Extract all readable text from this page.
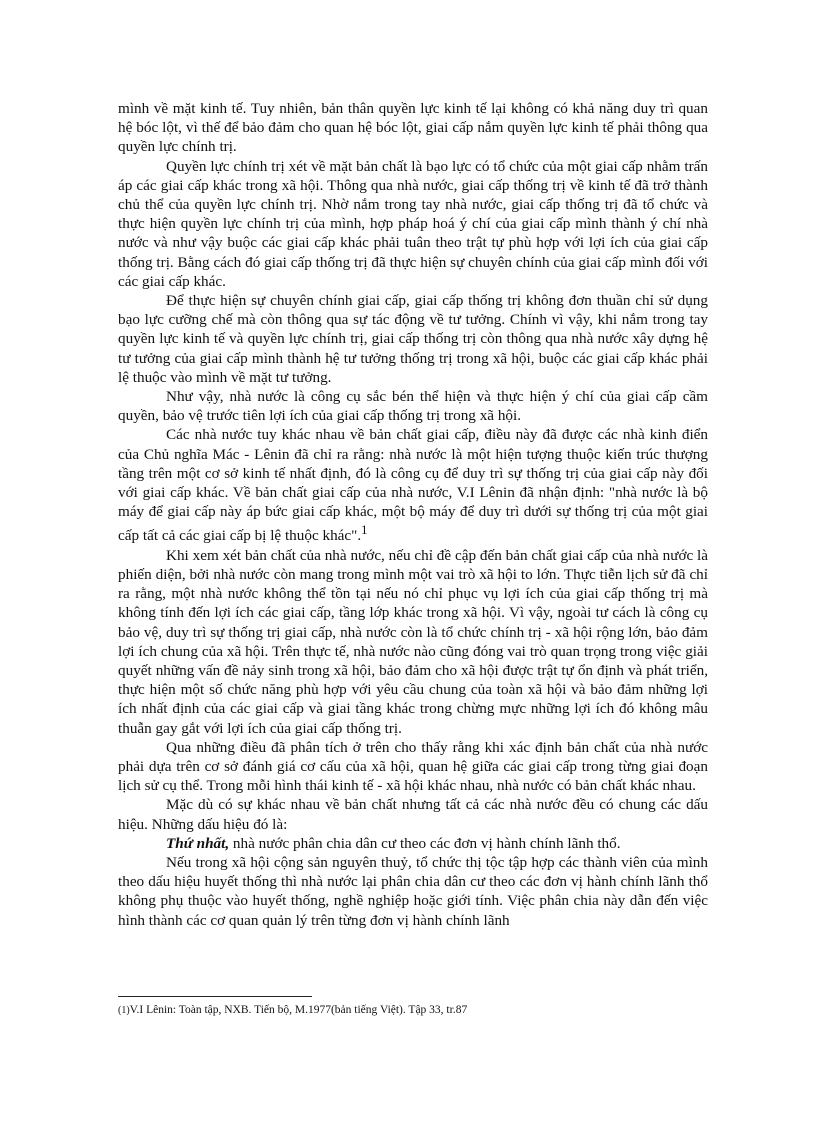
mình về mặt kinh tế. Tuy nhiên, bản thân quyền lực kinh tế lại không có khả năng duy trì quan hệ bóc lột, vì thế để bảo đảm cho quan hệ bóc lột, giai cấp nắm quyền lực kinh tế phải thông qua quyền lực chính trị.

Quyền lực chính trị xét về mặt bản chất là bạo lực có tổ chức của một giai cấp nhằm trấn áp các giai cấp khác trong xã hội. Thông qua nhà nước, giai cấp thống trị về kinh tế đã trở thành chủ thể của quyền lực chính trị. Nhờ nắm trong tay nhà nước, giai cấp thống trị đã tổ chức và thực hiện quyền lực chính trị của mình, hợp pháp hoá ý chí của giai cấp mình thành ý chí nhà nước và như vậy buộc các giai cấp khác phải tuân theo trật tự phù hợp với lợi ích của giai cấp thống trị. Bằng cách đó giai cấp thống trị đã thực hiện sự chuyên chính của giai cấp mình đối với các giai cấp khác.

Để thực hiện sự chuyên chính giai cấp, giai cấp thống trị không đơn thuần chỉ sử dụng bạo lực cưỡng chế mà còn thông qua sự tác động về tư tưởng. Chính vì vậy, khi nắm trong tay quyền lực kinh tế và quyền lực chính trị, giai cấp thống trị còn thông qua nhà nước xây dựng hệ tư tưởng của giai cấp mình thành hệ tư tưởng thống trị trong xã hội, buộc các giai cấp khác phải lệ thuộc vào mình về mặt tư tưởng.

Như vậy, nhà nước là công cụ sắc bén thể hiện và thực hiện ý chí của giai cấp cầm quyền, bảo vệ trước tiên lợi ích của giai cấp thống trị trong xã hội.

Các nhà nước tuy khác nhau về bản chất giai cấp, điều này đã được các nhà kinh điển của Chủ nghĩa Mác - Lênin đã chỉ ra rằng: nhà nước là một hiện tượng thuộc kiến trúc thượng tầng trên một cơ sở kinh tế nhất định, đó là công cụ để duy trì sự thống trị của giai cấp này đối với giai cấp khác. Về bản chất giai cấp của nhà nước, V.I Lênin đã nhận định: "nhà nước là bộ máy để giai cấp này áp bức giai cấp khác, một bộ máy để duy trì dưới sự thống trị của một giai cấp tất cả các giai cấp bị lệ thuộc khác".$^1$

Khi xem xét bản chất của nhà nước, nếu chỉ đề cập đến bản chất giai cấp của nhà nước là phiến diện, bởi nhà nước còn mang trong mình một vai trò xã hội to lớn. Thực tiễn lịch sử đã chỉ ra rằng, một nhà nước không thể tồn tại nếu nó chỉ phục vụ lợi ích của giai cấp thống trị mà không tính đến lợi ích các giai cấp, tầng lớp khác trong xã hội. Vì vậy, ngoài tư cách là công cụ bảo vệ, duy trì sự thống trị giai cấp, nhà nước còn là tổ chức chính trị - xã hội rộng lớn, bảo đảm lợi ích chung của xã hội. Trên thực tế, nhà nước nào cũng đóng vai trò quan trọng trong việc giải quyết những vấn đề nảy sinh trong xã hội, bảo đảm cho xã hội được trật tự ổn định và phát triển, thực hiện một số chức năng phù hợp với yêu cầu chung của toàn xã hội và bảo đảm những lợi ích nhất định của các giai cấp và giai tầng khác trong chừng mực những lợi ích đó không mâu thuẫn gay gắt với lợi ích của giai cấp thống trị.

Qua những điều đã phân tích ở trên cho thấy rằng khi xác định bản chất của nhà nước phải dựa trên cơ sở đánh giá cơ cấu của xã hội, quan hệ giữa các giai cấp trong từng giai đoạn lịch sử cụ thể. Trong mỗi hình thái kinh tế - xã hội khác nhau, nhà nước có bản chất khác nhau.

Mặc dù có sự khác nhau về bản chất nhưng tất cả các nhà nước đều có chung các dấu hiệu. Những dấu hiệu đó là:

Thứ nhất, nhà nước phân chia dân cư theo các đơn vị hành chính lãnh thổ.

Nếu trong xã hội cộng sản nguyên thuỷ, tổ chức thị tộc tập hợp các thành viên của mình theo dấu hiệu huyết thống thì nhà nước lại phân chia dân cư theo các đơn vị hành chính lãnh thổ không phụ thuộc vào huyết thống, nghề nghiệp hoặc giới tính. Việc phân chia này dẫn đến việc hình thành các cơ quan quản lý trên từng đơn vị hành chính lãnh

(1)V.I Lênin: Toàn tập, NXB. Tiến bộ, M.1977(bản tiếng Việt). Tập 33, tr.87
